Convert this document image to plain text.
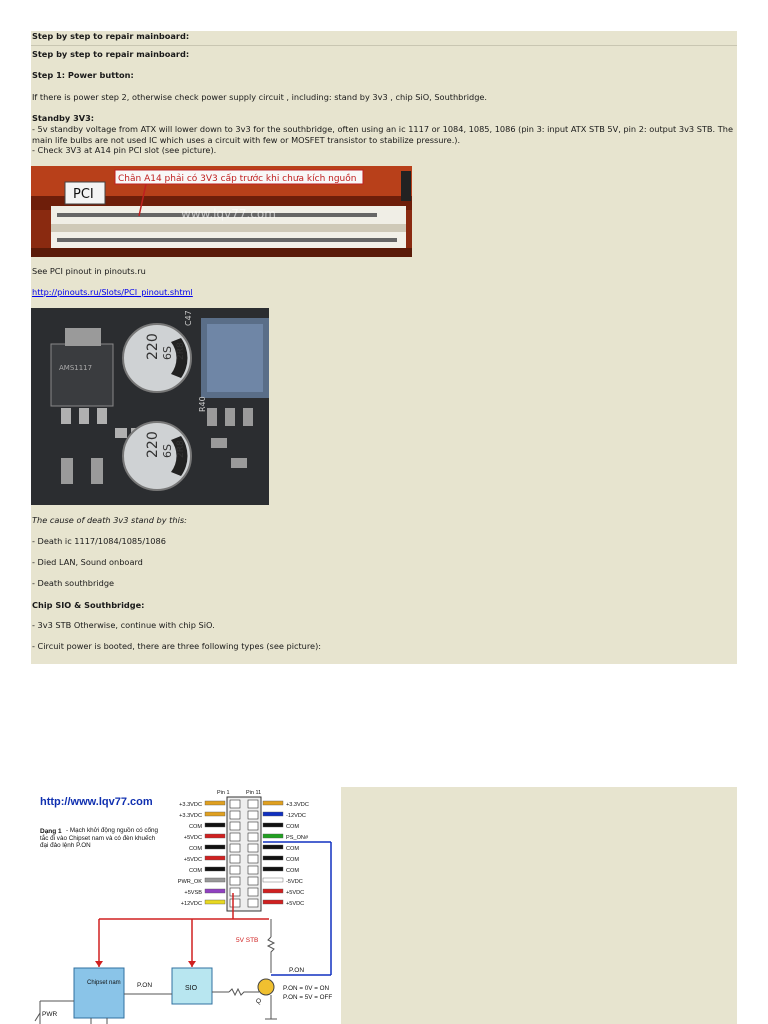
Step by step to repair mainboard:
Step by step to repair mainboard:
Step 1: Power button:
If there is power step 2, otherwise check power supply circuit , including: stand by 3v3 , chip SiO, Southbridge.
Standby 3V3:
- 5v standby voltage from ATX will lower down to 3v3 for the southbridge, often using an ic 1117 or 1084, 1085, 1086 (pin 3: input ATX STB 5V, pin 2: output 3v3 STB. The main life bulbs are not used IC which uses a circuit with few or MOSFET transistor to stabilize pressure.).
- Check 3V3 at A14 pin PCI slot (see picture).
PCI
Chân A14 phải có 3V3 cấp trước khi chưa kích nguồn
www.lqv77.com
See PCI pinout in pinouts.ru
http://pinouts.ru/Slots/PCI_pinout.shtml
AMS1117
220 6S 2R8
220 6S 2R8
C47
R40
The cause of death 3v3 stand by this:
- Death ic 1117/1084/1085/1086
- Died LAN, Sound onboard
- Death southbridge
Chip SIO & Southbridge:
- 3v3 STB Otherwise, continue with chip SiO.
- Circuit power is booted, there are three following types (see picture):
http://www.lqv77.com
Dạng 1 - Mạch khởi động nguồn có cổng tắc đi vào Chipset nam và có đèn khuếch đại đảo lệnh P.ON
Pin 1	Pin 11
+3.3VDC
+3.3VDC
COM
+5VDC
COM
+5VDC
COM
PWR_OK
+5VSB
+12VDC
+3.3VDC
-12VDC
COM
PS_ON#
COM
COM
COM
-5VDC
+5VDC
+5VDC
5V STB
P.ON
Chipset nam
SIO
P.ON
Q
P.ON = 0V = ON
P.ON = 5V = OFF
PWR
